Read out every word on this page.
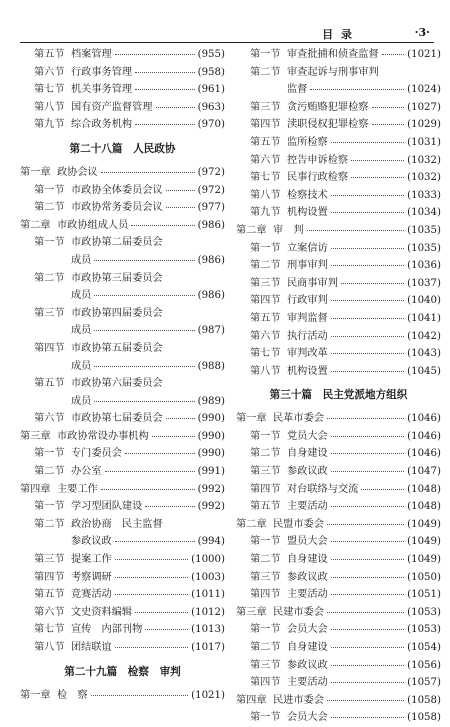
目 录	·3·
第五节 档案管理	(955)
第六节 行政事务管理	(958)
第七节 机关事务管理	(961)
第八节 国有资产监督管理	(963)
第九节 综合政务机构	(970)
第二十八篇　人民政协
第一章 政协会议	(972)
第一节 市政协全体委员会议	(972)
第二节 市政协常务委员会议	(977)
第二章 市政协组成人员	(986)
第一节 市政协第二届委员会
成员	(986)
第二节 市政协第三届委员会
成员	(986)
第三节 市政协第四届委员会
成员	(987)
第四节 市政协第五届委员会
成员	(988)
第五节 市政协第六届委员会
成员	(989)
第六节 市政协第七届委员会	(990)
第三章 市政协常设办事机构	(990)
第一节 专门委员会	(990)
第二节 办公室	(991)
第四章 主要工作	(992)
第一节 学习型团队建设	(992)
第二节 政治协商　民主监督
参政议政	(994)
第三节 提案工作	(1000)
第四节 考察调研	(1003)
第五节 竞赛活动	(1011)
第六节 文史资料编辑	(1012)
第七节 宣传　内部刊物	(1013)
第八节 团结联谊	(1017)
第二十九篇　检察　审判
第一章 检　察	(1021)
第一节 审查批捕和侦查监督	(1021)
第二节 审查起诉与刑事审判
监督	(1024)
第三节 贪污贿赂犯罪检察	(1027)
第四节 渎职侵权犯罪检察	(1029)
第五节 监所检察	(1031)
第六节 控告申诉检察	(1032)
第七节 民事行政检察	(1032)
第八节 检察技术	(1033)
第九节 机构设置	(1034)
第二章 审　判	(1035)
第一节 立案信访	(1035)
第二节 刑事审判	(1036)
第三节 民商事审判	(1037)
第四节 行政审判	(1040)
第五节 审判监督	(1041)
第六节 执行活动	(1042)
第七节 审判改革	(1043)
第八节 机构设置	(1045)
第三十篇　民主党派地方组织
第一章 民革市委会	(1046)
第一节 党员大会	(1046)
第二节 自身建设	(1046)
第三节 参政议政	(1047)
第四节 对台联络与交流	(1048)
第五节 主要活动	(1048)
第二章 民盟市委会	(1049)
第一节 盟员大会	(1049)
第二节 自身建设	(1049)
第三节 参政议政	(1050)
第四节 主要活动	(1051)
第三章 民建市委会	(1053)
第一节 会员大会	(1053)
第二节 自身建设	(1054)
第三节 参政议政	(1056)
第四节 主要活动	(1057)
第四章 民进市委会	(1058)
第一节 会员大会	(1058)
